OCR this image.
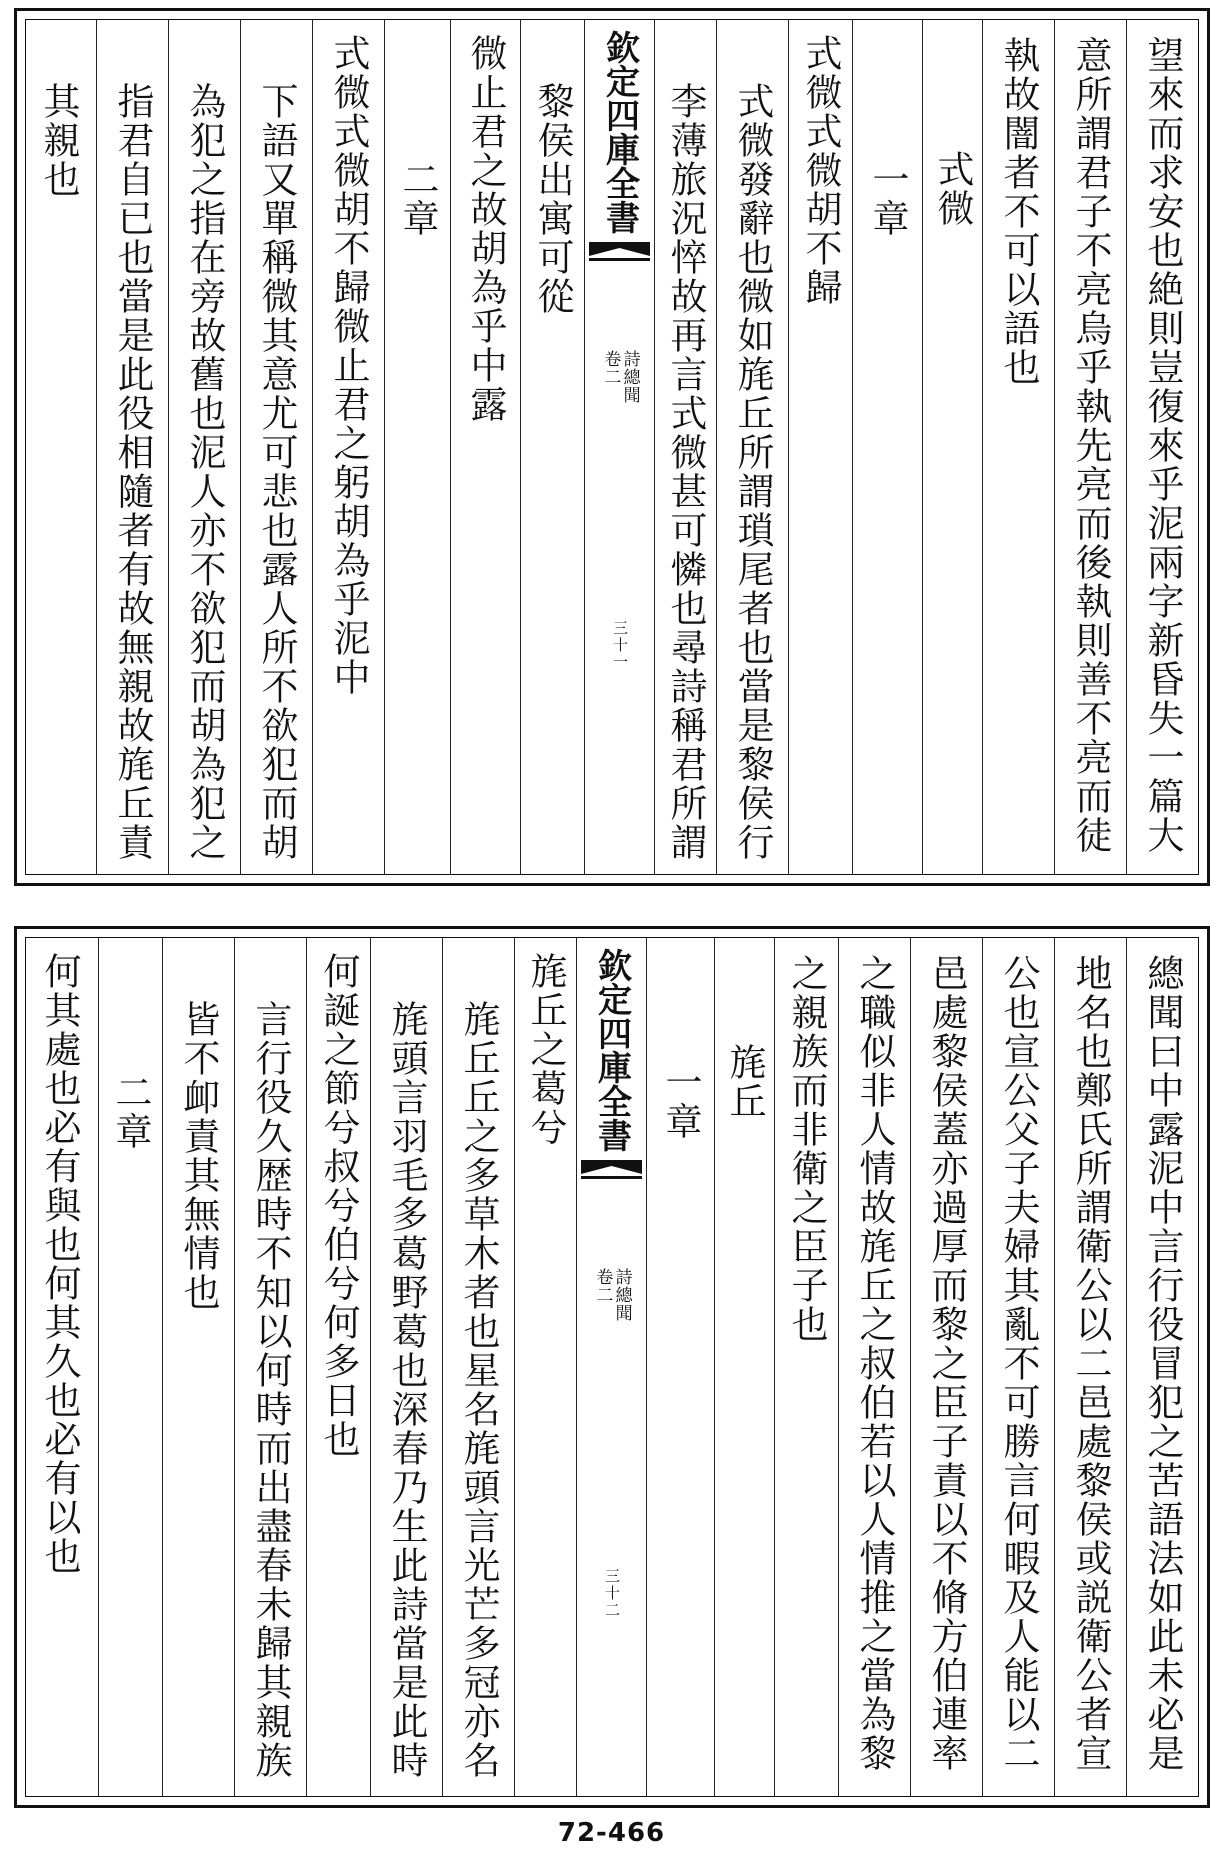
望來而求安也絶則豈復來乎泥兩字新昏失一篇大
意所謂君子不亮烏乎執先亮而後執則善不亮而徒
執故闇者不可以語也
式微
一章
式微式微胡不歸
式微發辭也微如旄丘所謂瑣尾者也當是黎侯行
李薄旅況悴故再言式微甚可憐也尋詩稱君所謂
欽定四庫全書
詩總聞
卷二
三十一
黎侯出寓可從
微止君之故胡為乎中露
二章
式微式微胡不歸微止君之躬胡為乎泥中
下語又單稱微其意尤可悲也露人所不欲犯而胡
為犯之指在旁故舊也泥人亦不欲犯而胡為犯之
指君自已也當是此役相隨者有故無親故旄丘責
其親也
總聞曰中露泥中言行役冒犯之苦語法如此未必是
地名也鄭氏所謂衛公以二邑處黎侯或説衛公者宣
公也宣公父子夫婦其亂不可勝言何暇及人能以二
邑處黎侯蓋亦過厚而黎之臣子責以不脩方伯連率
之職似非人情故旄丘之叔伯若以人情推之當為黎
之親族而非衛之臣子也
旄丘
一章
欽定四庫全書
詩總聞
卷二
三十二
旄丘之葛兮
旄丘丘之多草木者也星名旄頭言光芒多冠亦名
旄頭言羽毛多葛野葛也深春乃生此詩當是此時
何誕之節兮叔兮伯兮何多日也
言行役久歴時不知以何時而出盡春未歸其親族
皆不卹責其無情也
二章
何其處也必有與也何其久也必有以也
72-466
